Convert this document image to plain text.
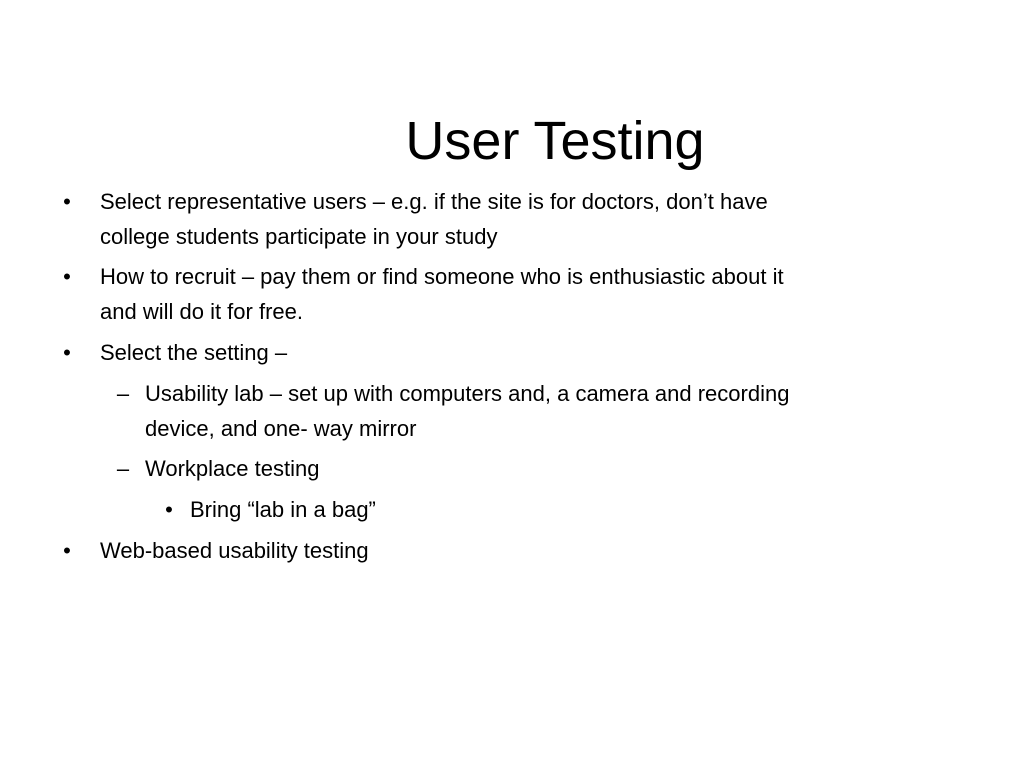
User Testing
• Select representative users – e.g. if the site is for doctors, don’t have
college students participate in your study
• How to recruit – pay them or find someone who is enthusiastic about it
and will do it for free.
• Select the setting –
– Usability lab – set up with computers and, a camera and recording
device, and one- way mirror
– Workplace testing
• Bring “lab in a bag”
• Web-based usability testing
